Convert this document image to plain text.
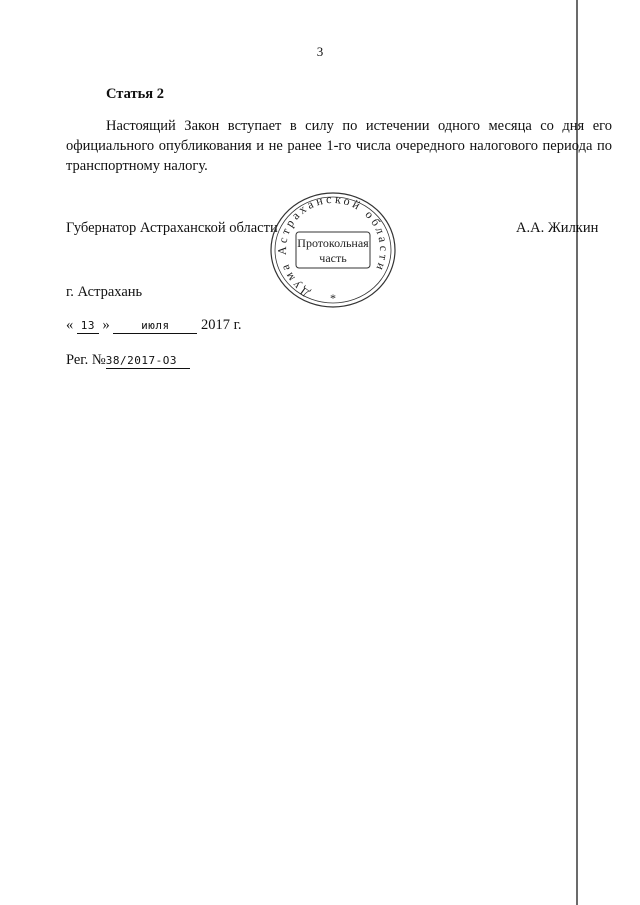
3
Статья 2
Настоящий Закон вступает в силу по истечении одного месяца со дня его официального опубликования и не ранее 1-го числа очередного налогового периода по транспортному налогу.
Губернатор Астраханской области	А.А. Жилкин
Дума Астраханской области
Протокольная
часть
*
г. Астрахань
« 13 »	июля 2017 г.
Рег. №38/2017-ОЗ
